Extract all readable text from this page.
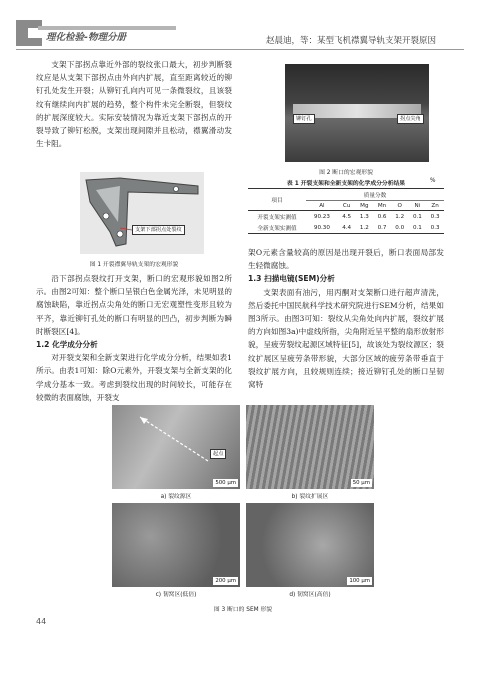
理化检验-物理分册	赵晨迪，等：某型飞机襟翼导轨支架开裂原因

支架下部拐点靠近外部的裂纹张口最大，初步判断裂纹应是从支架下部拐点由外向内扩展，直至距离较近的铆钉孔处发生开裂；从铆钉孔向内可见一条微裂纹，且该裂纹有继续向内扩展的趋势，整个构件未完全断裂，但裂纹的扩展深度较大。实际安装情况为靠近支架下部拐点的开裂导致了铆钉松脱，支架出现间隙并且松动，襟翼滑动发生卡阻。

支架下部拐点处裂纹
图 1 开裂襟翼导轨支架的宏观形貌

沿下部拐点裂纹打开支架，断口的宏观形貌如图2所示。由图2可知：整个断口呈银白色金属光泽，未见明显的腐蚀缺陷，靠近拐点尖角处的断口无宏观塑性变形且较为平齐，靠近铆钉孔处的断口有明显的凹凸，初步判断为瞬时断裂区[4]。

1.2 化学成分分析

对开裂支架和全新支架进行化学成分分析，结果如表1所示。由表1可知：除O元素外，开裂支架与全新支架的化学成分基本一致。考虑到裂纹出现的时间较长，可能存在较微的表面腐蚀，开裂支

铆钉孔	拐点尖角
图 2 断口的宏观形貌
表 1 开裂支架和全新支架的化学成分分析结果	%
项目	质量分数						
	Al	Cu	Mg	Mn	O	Ni	Zn
开裂支架实测值	90.23	4.5	1.3	0.6	1.2	0.1	0.3
全新支架实测值	90.30	4.4	1.2	0.7	0.0	0.1	0.3

架O元素含量较高的原因是出现开裂后，断口表面局部发生轻微腐蚀。

1.3 扫描电镜(SEM)分析

支架表面有油污，用丙酮对支架断口进行超声清洗，然后委托中国民航科学技术研究院进行SEM分析，结果如图3所示。由图3可知：裂纹从尖角处向内扩展，裂纹扩展的方向如图3a)中虚线所指，尖角附近呈平整的扇形放射形貌，呈疲劳裂纹起源区域特征[5]，故该处为裂纹源区；裂纹扩展区呈疲劳条带形貌，大部分区域的疲劳条带垂直于裂纹扩展方向，且较规则连续；接近铆钉孔处的断口呈韧窝特

起点
500 μm
a) 裂纹源区
50 μm
b) 裂纹扩展区
200 μm
c) 韧窝区(低倍)
100 μm
d) 韧窝区(高倍)
图 3 断口的 SEM 形貌
44
